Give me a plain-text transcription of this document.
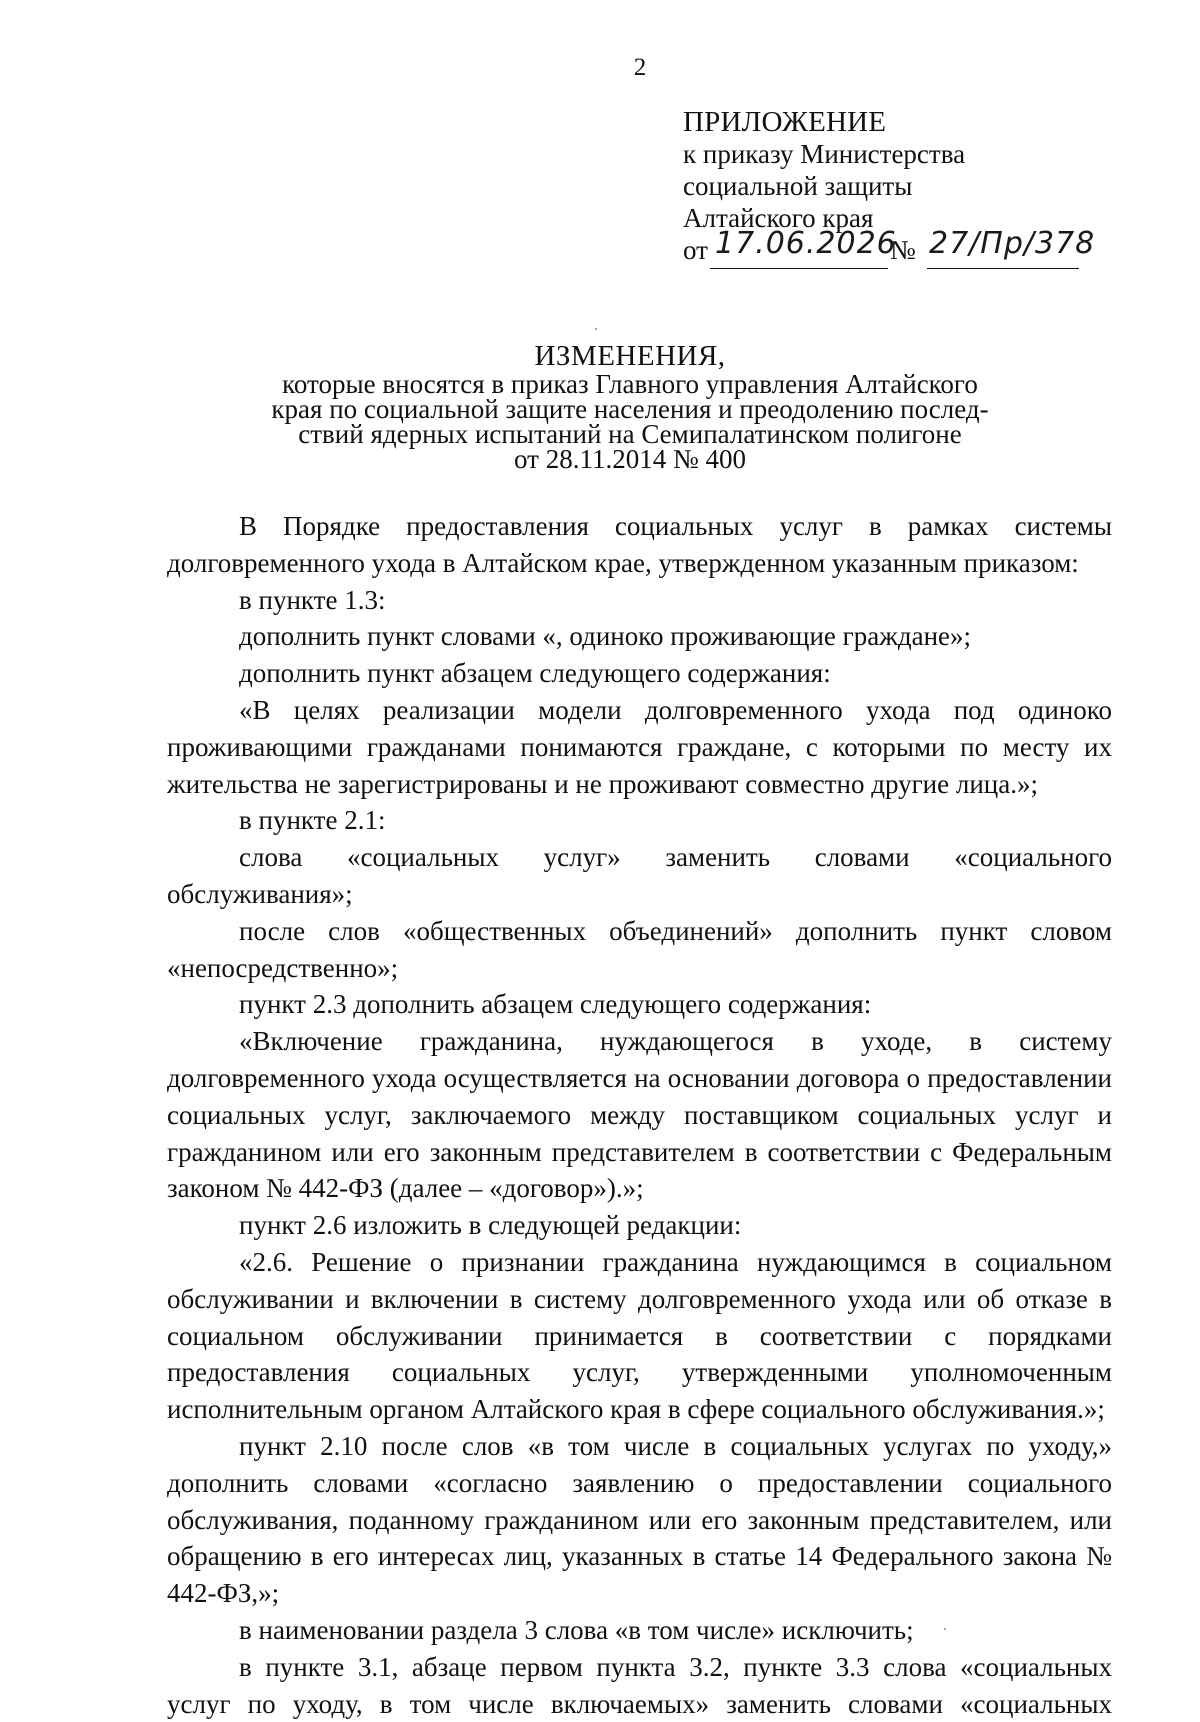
2
ПРИЛОЖЕНИЕ
к приказу Министерства
социальной защиты
Алтайского края
от 17.06.2026
№ 27/Пр/378
ИЗМЕНЕНИЯ,
которые вносятся в приказ Главного управления Алтайского
края по социальной защите населения и преодолению послед-
ствий ядерных испытаний на Семипалатинском полигоне
от 28.11.2014 № 400

В Порядке предоставления социальных услуг в рамках системы долговременного ухода в Алтайском крае, утвержденном указанным приказом:

в пункте 1.3:

дополнить пункт словами «, одиноко проживающие граждане»;

дополнить пункт абзацем следующего содержания:

«В целях реализации модели долговременного ухода под одиноко проживающими гражданами понимаются граждане, с которыми по месту их жительства не зарегистрированы и не проживают совместно другие лица.»;

в пункте 2.1:

слова «социальных услуг» заменить словами «социального обслуживания»;

после слов «общественных объединений» дополнить пункт словом «непосредственно»;

пункт 2.3 дополнить абзацем следующего содержания:

«Включение гражданина, нуждающегося в уходе, в систему долговременного ухода осуществляется на основании договора о предоставлении социальных услуг, заключаемого между поставщиком социальных услуг и гражданином или его законным представителем в соответствии с Федеральным законом № 442-ФЗ (далее – «договор»).»;

пункт 2.6 изложить в следующей редакции:

«2.6. Решение о признании гражданина нуждающимся в социальном обслуживании и включении в систему долговременного ухода или об отказе в социальном обслуживании принимается в соответствии с порядками предоставления социальных услуг, утвержденными уполномоченным исполнительным органом Алтайского края в сфере социального обслуживания.»;

пункт 2.10 после слов «в том числе в социальных услугах по уходу,» дополнить словами «согласно заявлению о предоставлении социального обслуживания, поданному гражданином или его законным представителем, или обращению в его интересах лиц, указанных в статье 14 Федерального закона № 442-ФЗ,»;

в наименовании раздела 3 слова «в том числе» исключить;

в пункте 3.1, абзаце первом пункта 3.2, пункте 3.3 слова «социальных услуг по уходу, в том числе включаемых» заменить словами «социальных
